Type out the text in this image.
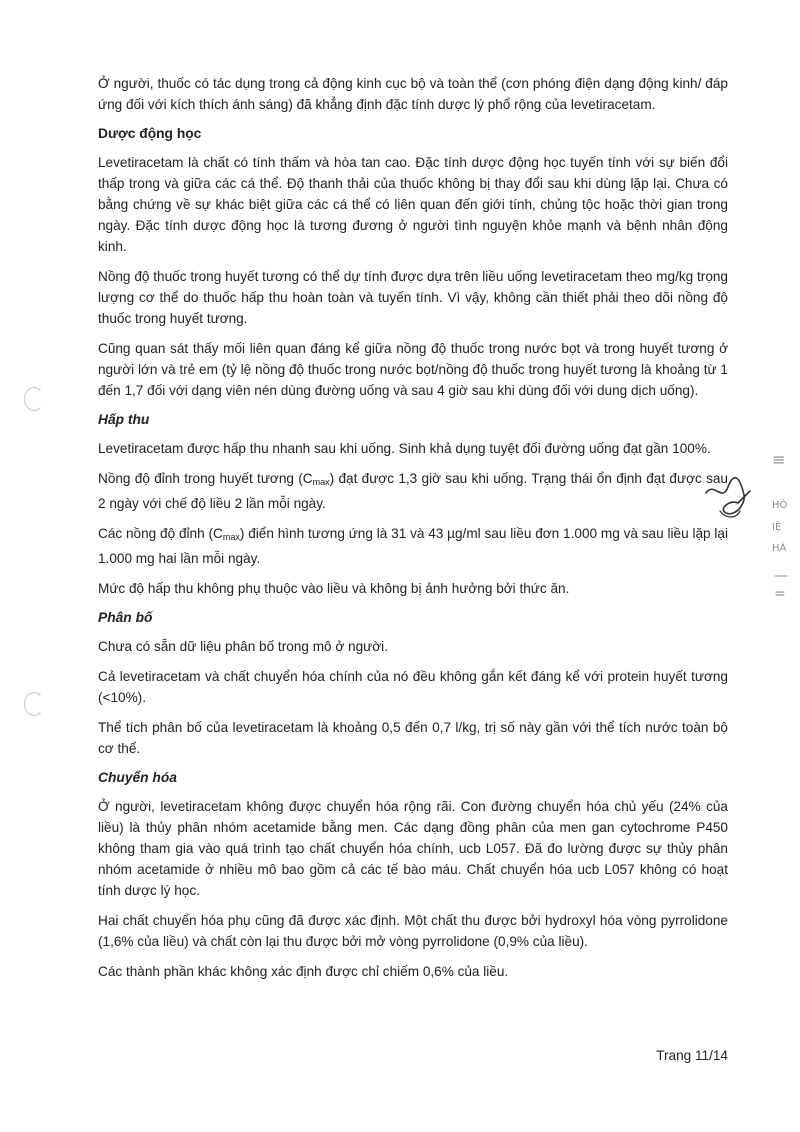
≡
HÒ
IỆ
HÀ
—
=

Ở người, thuốc có tác dụng trong cả động kinh cục bộ và toàn thể (cơn phóng điện dạng động kinh/ đáp ứng đối với kích thích ánh sáng) đã khẳng định đặc tính dược lý phổ rộng của levetiracetam.

Dược động học

Levetiracetam là chất có tính thấm và hòa tan cao. Đặc tính dược động học tuyến tính với sự biến đổi thấp trong và giữa các cá thể. Độ thanh thải của thuốc không bị thay đổi sau khi dùng lặp lại. Chưa có bằng chứng về sự khác biệt giữa các cá thể có liên quan đến giới tính, chủng tộc hoặc thời gian trong ngày. Đặc tính dược động học là tương đương ở người tình nguyện khỏe mạnh và bệnh nhân động kinh.

Nồng độ thuốc trong huyết tương có thể dự tính được dựa trên liều uống levetiracetam theo mg/kg trọng lượng cơ thể do thuốc hấp thu hoàn toàn và tuyến tính. Vì vậy, không cần thiết phải theo dõi nồng độ thuốc trong huyết tương.

Cũng quan sát thấy mối liên quan đáng kể giữa nồng độ thuốc trong nước bọt và trong huyết tương ở người lớn và trẻ em (tỷ lệ nồng độ thuốc trong nước bọt/nồng độ thuốc trong huyết tương là khoảng từ 1 đến 1,7 đối với dạng viên nén dùng đường uống và sau 4 giờ sau khi dùng đối với dung dịch uống).

Hấp thu

Levetiracetam được hấp thu nhanh sau khi uống. Sinh khả dụng tuyệt đối đường uống đạt gần 100%.

Nồng độ đỉnh trong huyết tương $(C_{max})$ đạt được 1,3 giờ sau khi uống. Trạng thái ổn định đạt được sau 2 ngày với chế độ liều 2 lần mỗi ngày.

Các nồng độ đỉnh $(C_{max})$ điển hình tương ứng là 31 và 43 µg/ml sau liều đơn 1.000 mg và sau liều lặp lại 1.000 mg hai lần mỗi ngày.

Mức độ hấp thu không phụ thuộc vào liều và không bị ảnh hưởng bởi thức ăn.

Phân bố

Chưa có sẵn dữ liệu phân bố trong mô ở người.

Cả levetiracetam và chất chuyển hóa chính của nó đều không gắn kết đáng kể với protein huyết tương (<10%).

Thể tích phân bố của levetiracetam là khoảng 0,5 đến 0,7 l/kg, trị số này gần với thể tích nước toàn bộ cơ thể.

Chuyển hóa

Ở người, levetiracetam không được chuyển hóa rộng rãi. Con đường chuyển hóa chủ yếu (24% của liều) là thủy phân nhóm acetamide bằng men. Các dạng đồng phân của men gan cytochrome P450 không tham gia vào quá trình tạo chất chuyển hóa chính, ucb L057. Đã đo lường được sự thủy phân nhóm acetamide ở nhiều mô bao gồm cả các tế bào máu. Chất chuyển hóa ucb L057 không có hoạt tính dược lý học.

Hai chất chuyển hóa phụ cũng đã được xác định. Một chất thu được bởi hydroxyl hóa vòng pyrrolidone (1,6% của liều) và chất còn lại thu được bởi mở vòng pyrrolidone (0,9% của liều).

Các thành phần khác không xác định được chỉ chiếm 0,6% của liều.

Trang 11/14
